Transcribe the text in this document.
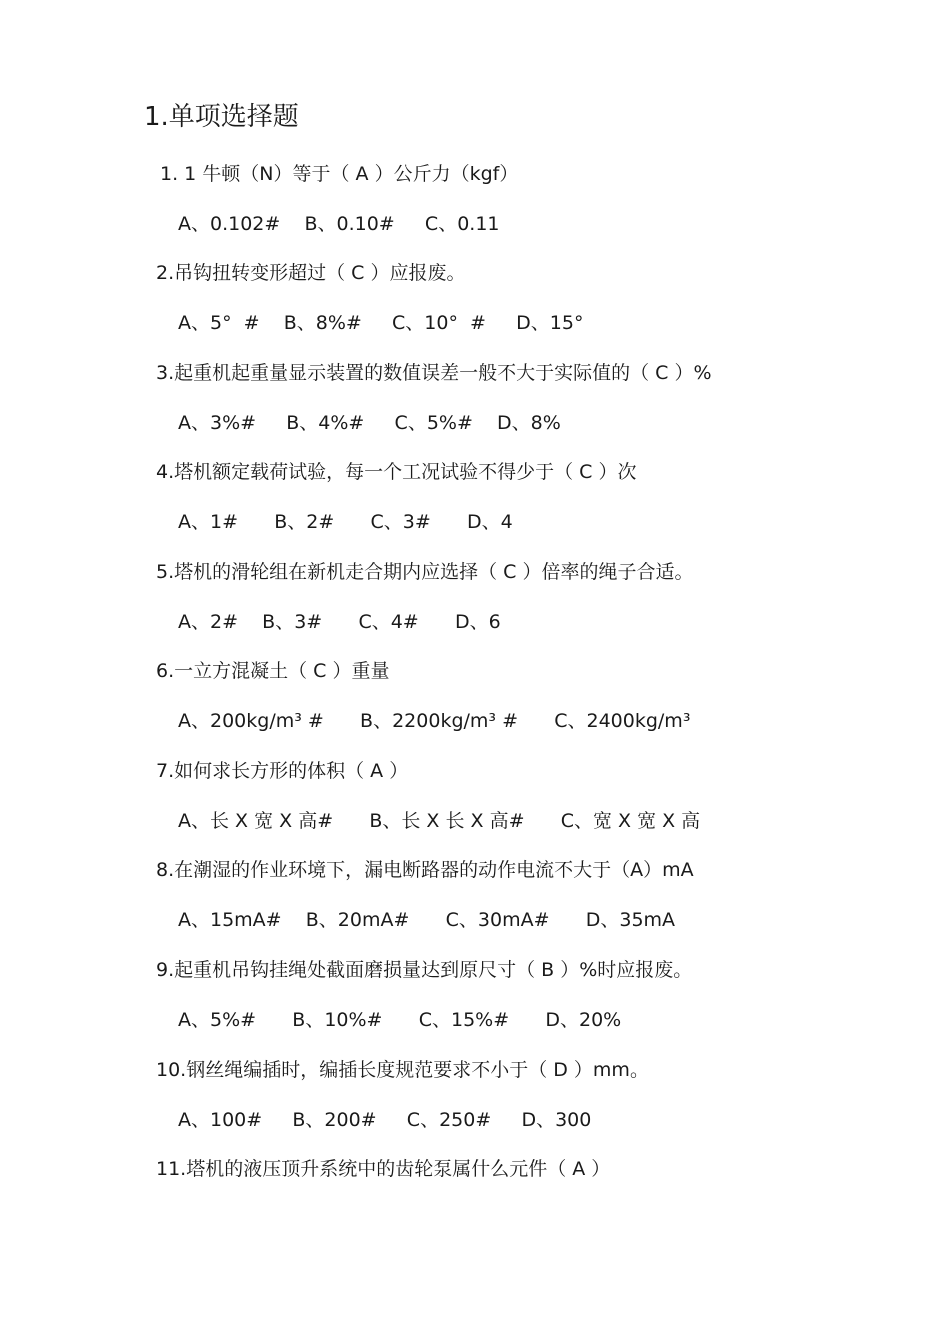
1.单项选择题
1. 1 牛顿（N）等于（ A ）公斤力（kgf）
A、0.102#    B、0.10#     C、0.11
2.吊钩扭转变形超过（ C ）应报废。
A、5°  #    B、8%#     C、10°  #     D、15°
3.起重机起重量显示装置的数值误差一般不大于实际值的（ C ）%
A、3%#     B、4%#     C、5%#    D、8%
4.塔机额定载荷试验，每一个工况试验不得少于（ C ）次
A、1#      B、2#      C、3#      D、4
5.塔机的滑轮组在新机走合期内应选择（ C ）倍率的绳子合适。
A、2#    B、3#      C、4#      D、6
6.一立方混凝土（ C ）重量
A、200kg/m³ #      B、2200kg/m³ #      C、2400kg/m³
7.如何求长方形的体积（ A ）
A、长 X 宽 X 高#      B、长 X 长 X 高#      C、宽 X 宽 X 高
8.在潮湿的作业环境下，漏电断路器的动作电流不大于（A）mA
A、15mA#    B、20mA#      C、30mA#      D、35mA
9.起重机吊钩挂绳处截面磨损量达到原尺寸（ B ）%时应报废。
A、5%#      B、10%#      C、15%#      D、20%
10.钢丝绳编插时，编插长度规范要求不小于（ D ）mm。
A、100#     B、200#     C、250#     D、300
11.塔机的液压顶升系统中的齿轮泵属什么元件（ A ）
